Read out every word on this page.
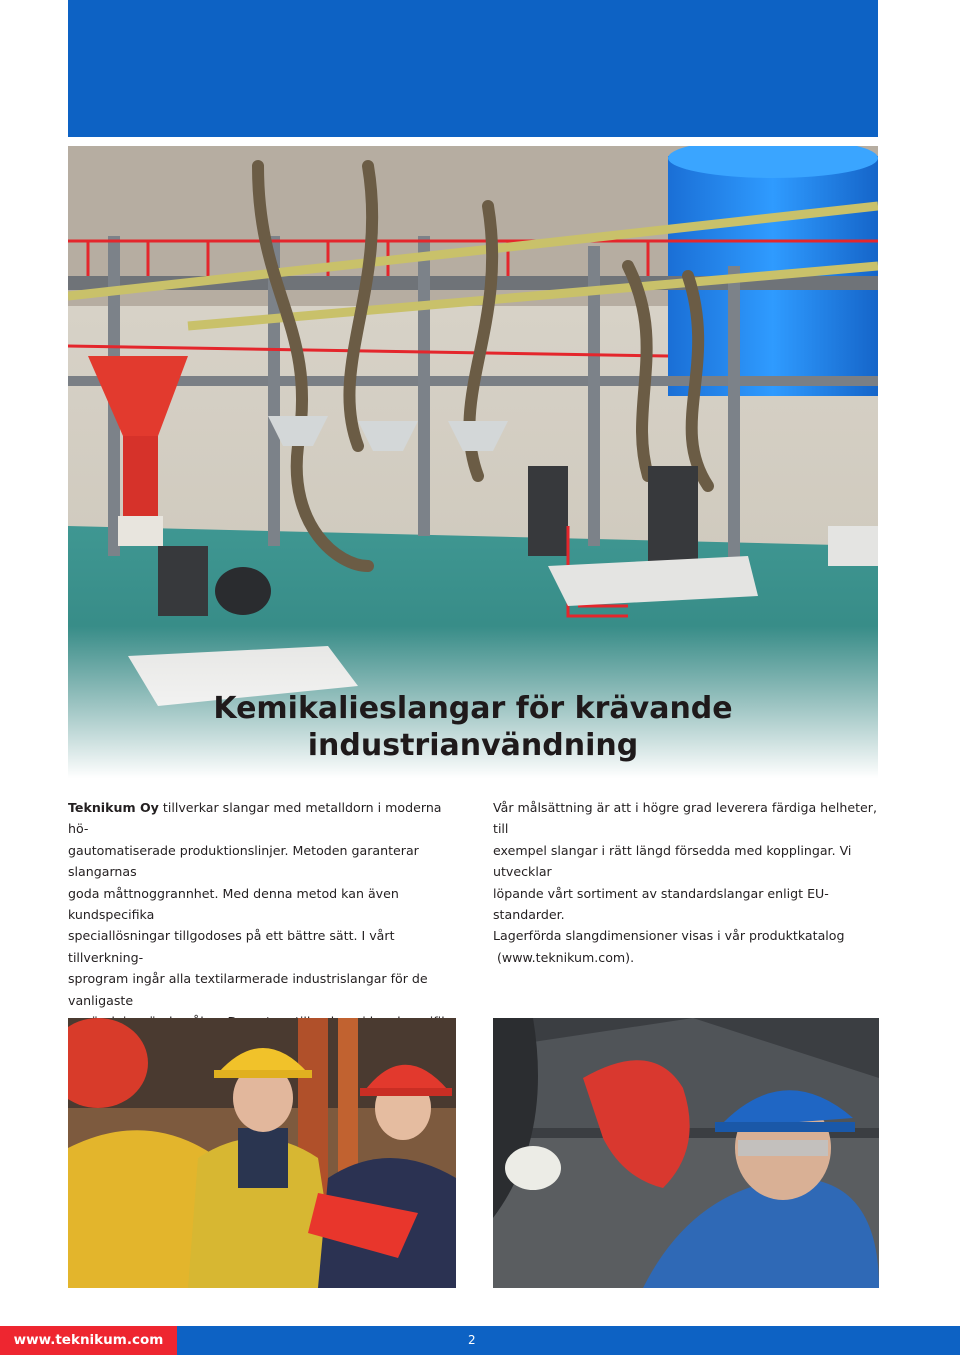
Kemikalieslangar för krävande
industrianvändning
Teknikum Oy tillverkar slangar med metalldorn i moderna hö-
gautomatiserade produktionslinjer. Metoden garanterar slangarnas
goda måttnoggrannhet. Med denna metod kan även kundspecifika
speciallösningar tillgodoses på ett bättre sätt. I vårt tillverkning-
sprogram ingår alla textilarmerade industrislangar för de vanligaste
Vår målsättning är att i högre grad leverera färdiga helheter, till
exempel slangar i rätt längd försedda med kopplingar. Vi utvecklar
löpande vårt sortiment av standardslangar enligt EU-standarder.
Lagerförda slangdimensioner visas i vår produktkatalog
(www.teknikum.com).
www.teknikum.com	2
